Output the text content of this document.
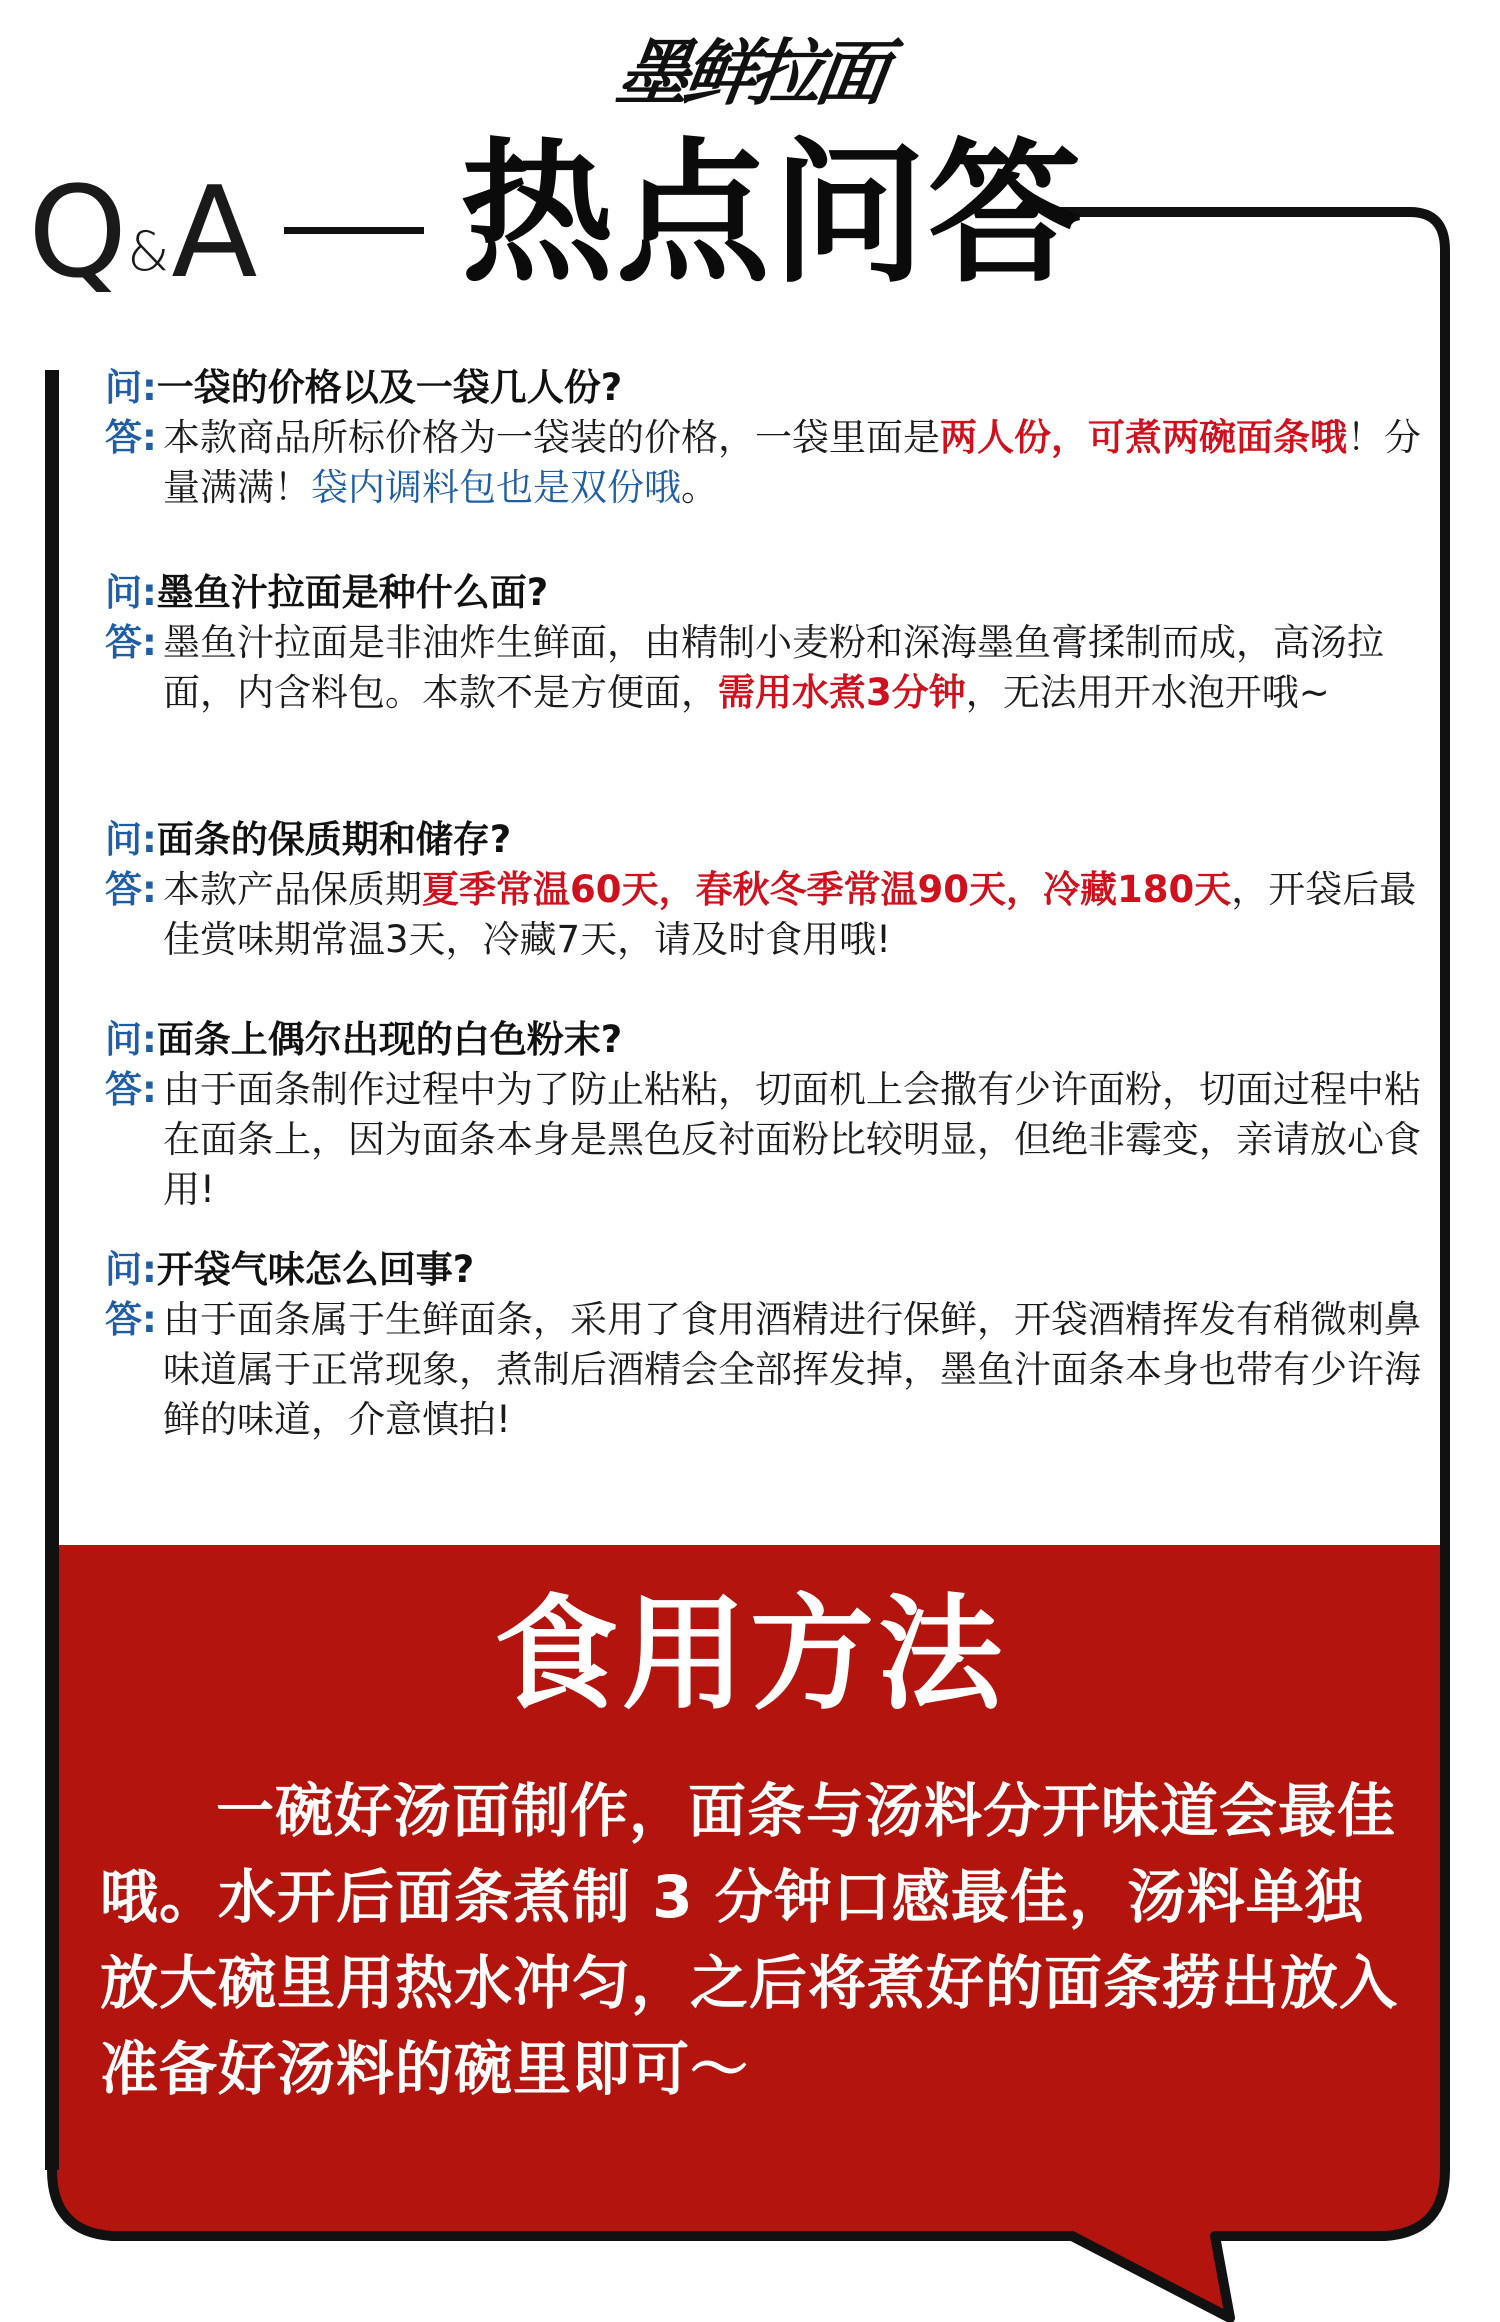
墨鲜拉面
Q&A 热点问答
问:一袋的价格以及一袋几人份?
答: 本款商品所标价格为一袋装的价格，一袋里面是两人份，可煮两碗面条哦！分量满满！袋内调料包也是双份哦。
问:墨鱼汁拉面是种什么面?
答: 墨鱼汁拉面是非油炸生鲜面，由精制小麦粉和深海墨鱼膏揉制而成，高汤拉面，内含料包。本款不是方便面，需用水煮3分钟，无法用开水泡开哦~
问:面条的保质期和储存?
答: 本款产品保质期夏季常温60天，春秋冬季常温90天，冷藏180天，开袋后最佳赏味期常温3天，冷藏7天，请及时食用哦!
问:面条上偶尔出现的白色粉末?
答: 由于面条制作过程中为了防止粘粘，切面机上会撒有少许面粉，切面过程中粘在面条上，因为面条本身是黑色反衬面粉比较明显，但绝非霉变，亲请放心食用!
问:开袋气味怎么回事?
答: 由于面条属于生鲜面条，采用了食用酒精进行保鲜，开袋酒精挥发有稍微刺鼻味道属于正常现象，煮制后酒精会全部挥发掉，墨鱼汁面条本身也带有少许海鲜的味道，介意慎拍!
食用方法
一碗好汤面制作，面条与汤料分开味道会最佳哦。水开后面条煮制 3 分钟口感最佳，汤料单独放大碗里用热水冲匀，之后将煮好的面条捞出放入准备好汤料的碗里即可～
